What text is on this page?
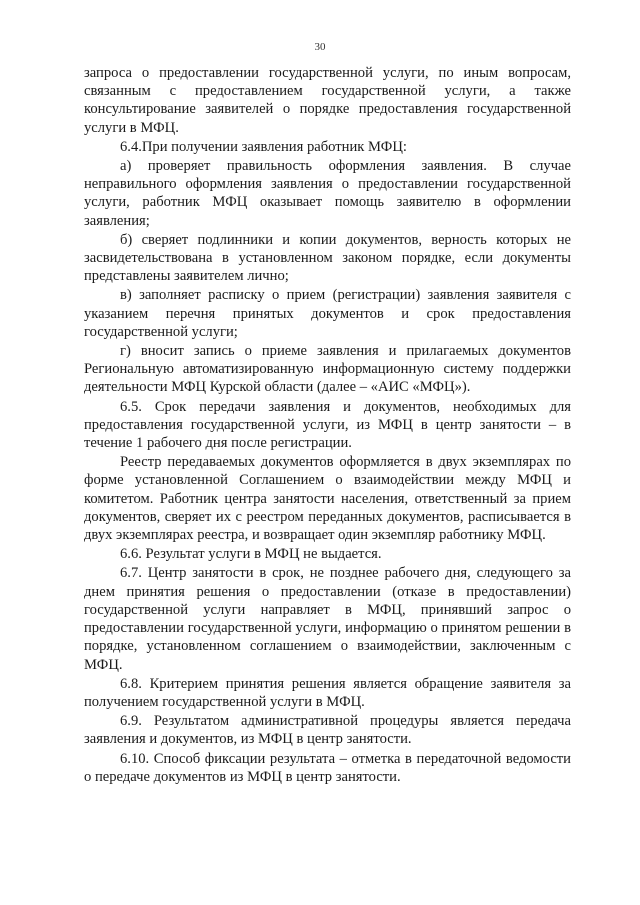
30

запроса о предоставлении государственной услуги, по иным вопросам, связанным с предоставлением государственной услуги, а также консультирование заявителей о порядке предоставления государственной услуги в МФЦ.

6.4.При получении заявления работник МФЦ:

а) проверяет правильность оформления заявления. В случае неправильного оформления заявления о предоставлении государственной услуги, работник МФЦ оказывает помощь заявителю в оформлении заявления;

б) сверяет подлинники и копии документов, верность которых не засвидетельствована в установленном законом порядке, если документы представлены заявителем лично;

в) заполняет расписку о прием (регистрации) заявления заявителя с указанием перечня принятых документов и срок предоставления государственной услуги;

г) вносит запись о приеме заявления и прилагаемых документов Региональную автоматизированную информационную систему поддержки деятельности МФЦ Курской области (далее – «АИС «МФЦ»).

6.5. Срок передачи заявления и документов, необходимых для предоставления государственной услуги, из МФЦ в центр занятости – в течение 1 рабочего дня после регистрации.

Реестр передаваемых документов оформляется в двух экземплярах по форме установленной Соглашением о взаимодействии между МФЦ и комитетом. Работник центра занятости населения, ответственный за прием документов, сверяет их с реестром переданных документов, расписывается в двух экземплярах реестра, и возвращает один экземпляр работнику МФЦ.

6.6. Результат услуги в МФЦ не выдается.

6.7. Центр занятости в срок, не позднее рабочего дня, следующего за днем принятия решения о предоставлении (отказе в предоставлении) государственной услуги направляет в МФЦ, принявший запрос о предоставлении государственной услуги, информацию о принятом решении в порядке, установленном соглашением о взаимодействии, заключенным с МФЦ.

6.8. Критерием принятия решения является обращение заявителя за получением государственной услуги в МФЦ.

6.9. Результатом административной процедуры является передача заявления и документов, из МФЦ в центр занятости.

6.10. Способ фиксации результата – отметка в передаточной ведомости о передаче документов из МФЦ в центр занятости.
